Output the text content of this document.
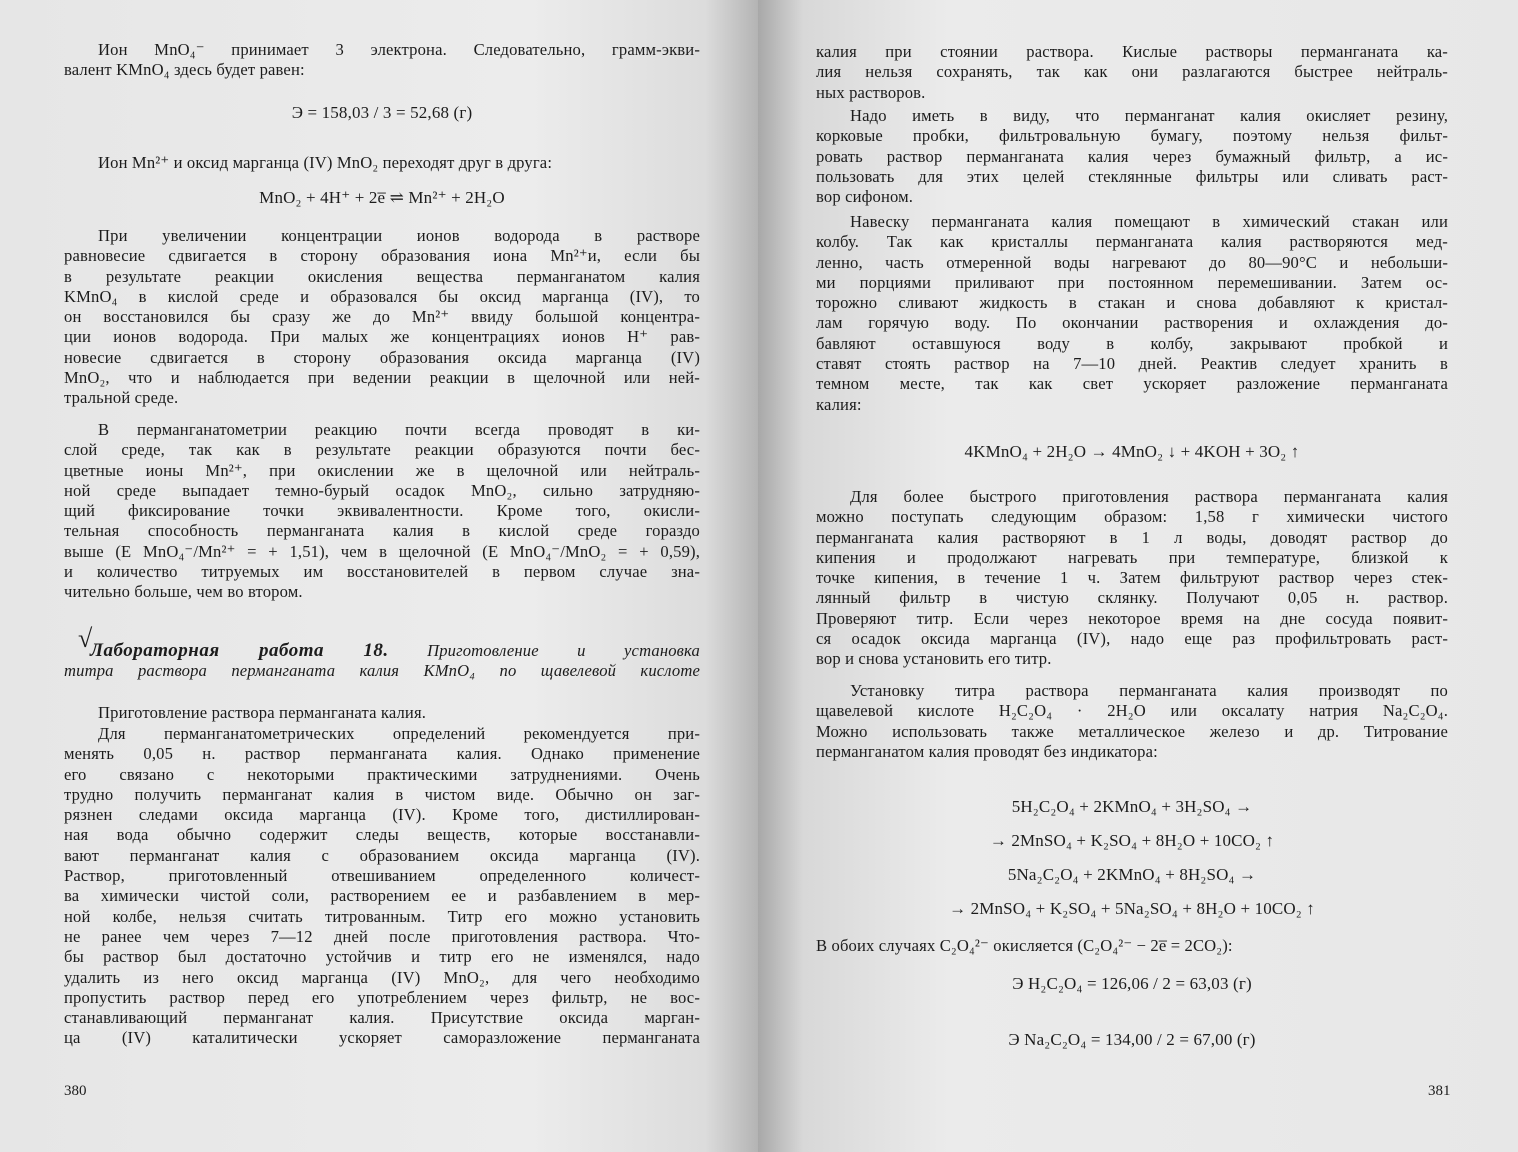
Ион MnO₄⁻ принимает 3 электрона. Следовательно, грамм-экви-
валент KMnO₄ здесь будет равен:
Э = 158,03 / 3 = 52,68 (г)
Ион Mn²⁺ и оксид марганца (IV) MnO₂ переходят друг в друга:
MnO₂ + 4H⁺ + 2e̅ ⇌ Mn²⁺ + 2H₂O
При увеличении концентрации ионов водорода в растворе
равновесие сдвигается в сторону образования иона Mn²⁺и, если бы
в результате реакции окисления вещества перманганатом калия
KMnO₄ в кислой среде и образовался бы оксид марганца (IV), то
он восстановился бы сразу же до Mn²⁺ ввиду большой концентра-
ции ионов водорода. При малых же концентрациях ионов H⁺ рав-
новесие сдвигается в сторону образования оксида марганца (IV)
MnO₂, что и наблюдается при ведении реакции в щелочной или ней-
тральной среде.
В перманганатометрии реакцию почти всегда проводят в ки-
слой среде, так как в результате реакции образуются почти бес-
цветные ионы Mn²⁺, при окислении же в щелочной или нейтраль-
ной среде выпадает темно-бурый осадок MnO₂, сильно затрудняю-
щий фиксирование точки эквивалентности. Кроме того, окисли-
тельная способность перманганата калия в кислой среде гораздо
выше (E MnO₄⁻/Mn²⁺ = + 1,51), чем в щелочной (E MnO₄⁻/MnO₂ = + 0,59),
и количество титруемых им восстановителей в первом случае зна-
чительно больше, чем во втором.
√
Лабораторная работа 18. Приготовление и установка
титра раствора перманганата калия KMnO₄ по щавелевой кислоте
Приготовление раствора перманганата калия.
Для перманганатометрических определений рекомендуется при-
менять 0,05 н. раствор перманганата калия. Однако применение
его связано с некоторыми практическими затруднениями. Очень
трудно получить перманганат калия в чистом виде. Обычно он заг-
рязнен следами оксида марганца (IV). Кроме того, дистиллирован-
ная вода обычно содержит следы веществ, которые восстанавли-
вают перманганат калия с образованием оксида марганца (IV).
Раствор, приготовленный отвешиванием определенного количест-
ва химически чистой соли, растворением ее и разбавлением в мер-
ной колбе, нельзя считать титрованным. Титр его можно установить
не ранее чем через 7—12 дней после приготовления раствора. Что-
бы раствор был достаточно устойчив и титр его не изменялся, надо
удалить из него оксид марганца (IV) MnO₂, для чего необходимо
пропустить раствор перед его употреблением через фильтр, не вос-
станавливающий перманганат калия. Присутствие оксида марган-
ца (IV) каталитически ускоряет саморазложение перманганата
380
калия при стоянии раствора. Кислые растворы перманганата ка-
лия нельзя сохранять, так как они разлагаются быстрее нейтраль-
ных растворов.
Надо иметь в виду, что перманганат калия окисляет резину,
корковые пробки, фильтровальную бумагу, поэтому нельзя фильт-
ровать раствор перманганата калия через бумажный фильтр, а ис-
пользовать для этих целей стеклянные фильтры или сливать раст-
вор сифоном.
Навеску перманганата калия помещают в химический стакан или
колбу. Так как кристаллы перманганата калия растворяются мед-
ленно, часть отмеренной воды нагревают до 80—90°C и небольши-
ми порциями приливают при постоянном перемешивании. Затем ос-
торожно сливают жидкость в стакан и снова добавляют к кристал-
лам горячую воду. По окончании растворения и охлаждения до-
бавляют оставшуюся воду в колбу, закрывают пробкой и
ставят стоять раствор на 7—10 дней. Реактив следует хранить в
темном месте, так как свет ускоряет разложение перманганата
калия:
4KMnO₄ + 2H₂O → 4MnO₂ ↓ + 4KOH + 3O₂ ↑
Для более быстрого приготовления раствора перманганата калия
можно поступать следующим образом: 1,58 г химически чистого
перманганата калия растворяют в 1 л воды, доводят раствор до
кипения и продолжают нагревать при температуре, близкой к
точке кипения, в течение 1 ч. Затем фильтруют раствор через стек-
лянный фильтр в чистую склянку. Получают 0,05 н. раствор.
Проверяют титр. Если через некоторое время на дне сосуда появит-
ся осадок оксида марганца (IV), надо еще раз профильтровать раст-
вор и снова установить его титр.
Установку титра раствора перманганата калия производят по
щавелевой кислоте H₂C₂O₄ · 2H₂O или оксалату натрия Na₂C₂O₄.
Можно использовать также металлическое железо и др. Титрование
перманганатом калия проводят без индикатора:
5H₂C₂O₄ + 2KMnO₄ + 3H₂SO₄ →
→ 2MnSO₄ + K₂SO₄ + 8H₂O + 10CO₂ ↑
5Na₂C₂O₄ + 2KMnO₄ + 8H₂SO₄ →
→ 2MnSO₄ + K₂SO₄ + 5Na₂SO₄ + 8H₂O + 10CO₂ ↑
В обоих случаях C₂O₄²⁻ окисляется (C₂O₄²⁻ − 2e̅ = 2CO₂):
Э H₂C₂O₄ = 126,06 / 2 = 63,03 (г)
Э Na₂C₂O₄ = 134,00 / 2 = 67,00 (г)
381
